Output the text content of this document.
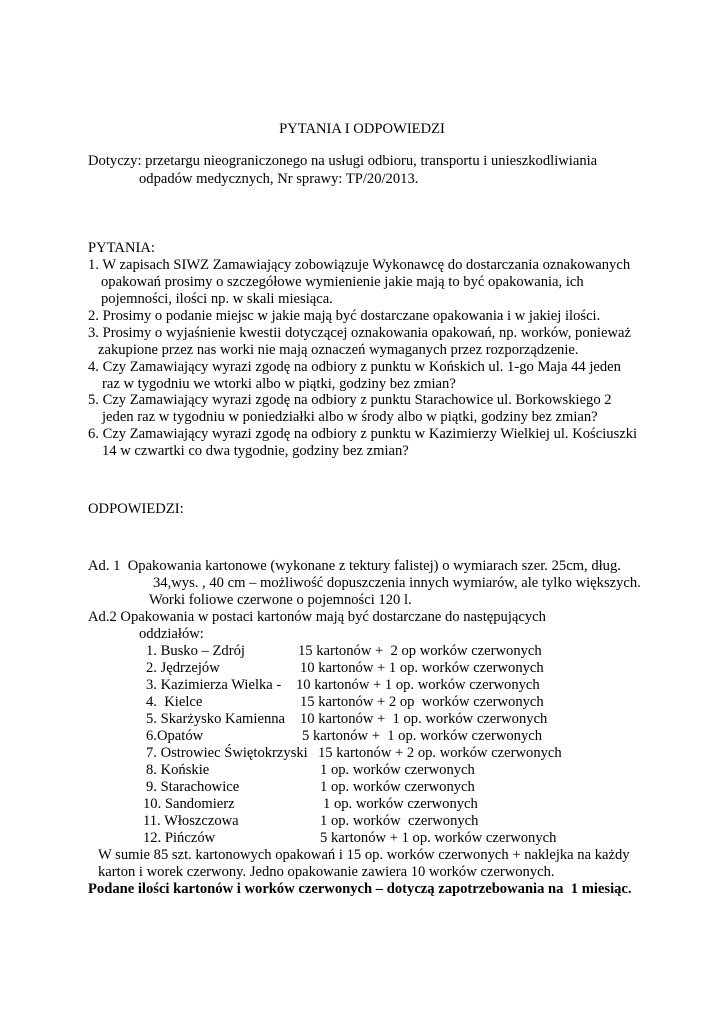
PYTANIA I ODPOWIEDZI
Dotyczy: przetargu nieograniczonego na usługi odbioru, transportu i unieszkodliwiania
odpadów medycznych, Nr sprawy: TP/20/2013.
PYTANIA:
1. W zapisach SIWZ Zamawiający zobowiązuje Wykonawcę do dostarczania oznakowanych
opakowań prosimy o szczegółowe wymienienie jakie mają to być opakowania, ich
pojemności, ilości np. w skali miesiąca.
2. Prosimy o podanie miejsc w jakie mają być dostarczane opakowania i w jakiej ilości.
3. Prosimy o wyjaśnienie kwestii dotyczącej oznakowania opakowań, np. worków, ponieważ
zakupione przez nas worki nie mają oznaczeń wymaganych przez rozporządzenie.
4. Czy Zamawiający wyrazi zgodę na odbiory z punktu w Końskich ul. 1-go Maja 44 jeden
raz w tygodniu we wtorki albo w piątki, godziny bez zmian?
5. Czy Zamawiający wyrazi zgodę na odbiory z punktu Starachowice ul. Borkowskiego 2
jeden raz w tygodniu w poniedziałki albo w środy albo w piątki, godziny bez zmian?
6. Czy Zamawiający wyrazi zgodę na odbiory z punktu w Kazimierzy Wielkiej ul. Kościuszki
14 w czwartki co dwa tygodnie, godziny bez zmian?
ODPOWIEDZI:
Ad. 1  Opakowania kartonowe (wykonane z tektury falistej) o wymiarach szer. 25cm, dług.
34,wys. , 40 cm – możliwość dopuszczenia innych wymiarów, ale tylko większych.
Worki foliowe czerwone o pojemności 120 l.
Ad.2 Opakowania w postaci kartonów mają być dostarczane do następujących
oddziałów:
1. Busko – Zdrój	15 kartonów +  2 op worków czerwonych
2. Jędrzejów	10 kartonów + 1 op. worków czerwonych
3. Kazimierza Wielka - 10 kartonów + 1 op. worków czerwonych
4.  Kielce	15 kartonów + 2 op  worków czerwonych
5. Skarżysko Kamienna 10 kartonów +  1 op. worków czerwonych
6.Opatów	5 kartonów +  1 op. worków czerwonych
7. Ostrowiec Świętokrzyski 15 kartonów + 2 op. worków czerwonych
8. Końskie	1 op. worków czerwonych
9. Starachowice	1 op. worków czerwonych
10. Sandomierz	1 op. worków czerwonych
11. Włoszczowa	1 op. worków  czerwonych
12. Pińczów	5 kartonów + 1 op. worków czerwonych
W sumie 85 szt. kartonowych opakowań i 15 op. worków czerwonych + naklejka na każdy
karton i worek czerwony. Jedno opakowanie zawiera 10 worków czerwonych.
Podane ilości kartonów i worków czerwonych – dotyczą zapotrzebowania na  1 miesiąc.
